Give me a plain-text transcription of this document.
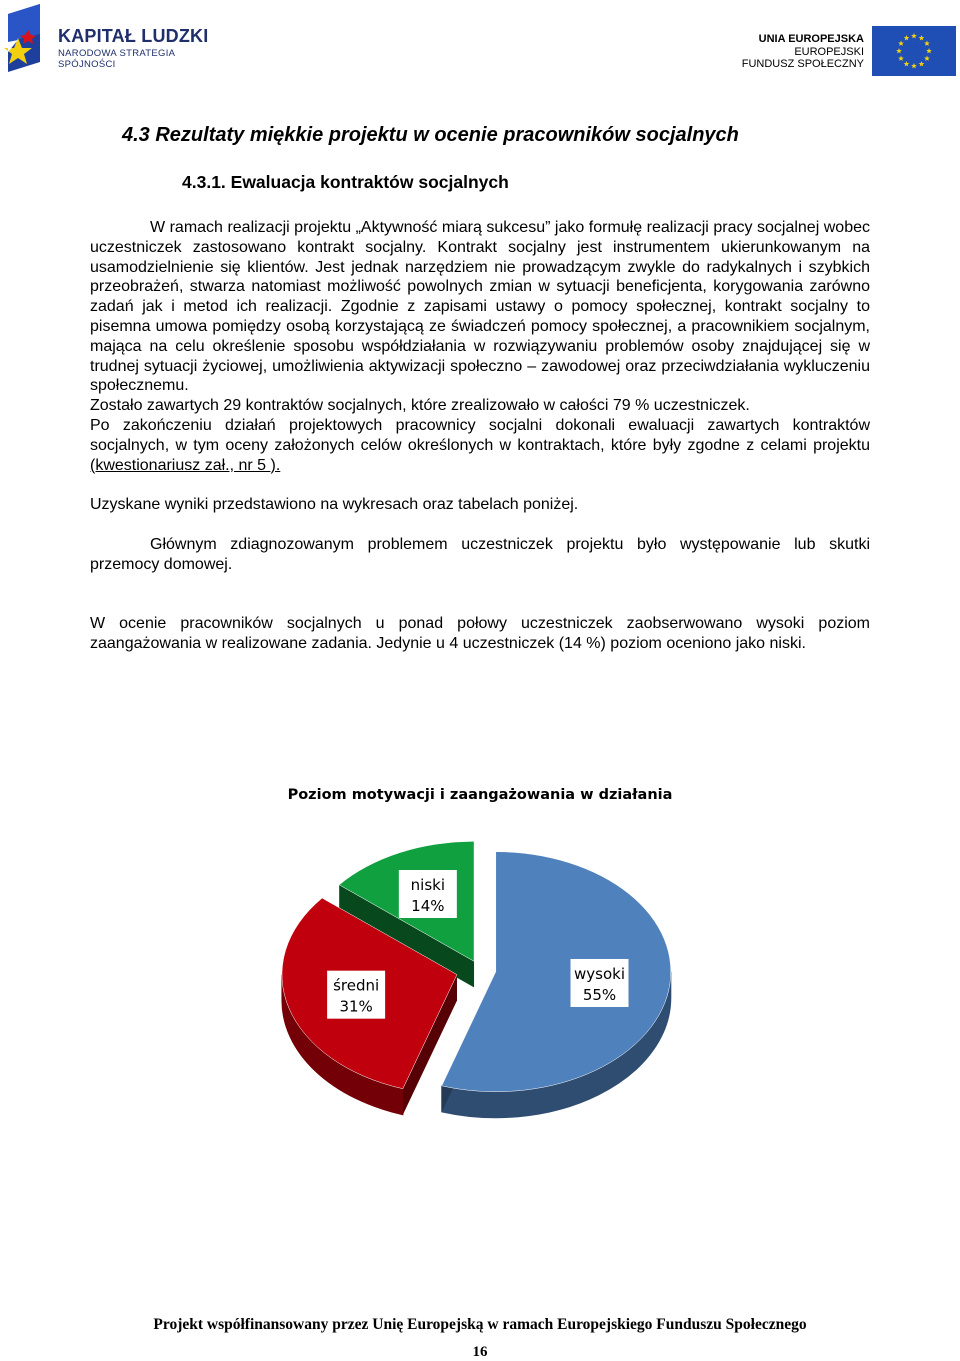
KAPITAŁ LUDZKI
NARODOWA STRATEGIA SPÓJNOŚCI
UNIA EUROPEJSKA
EUROPEJSKI
FUNDUSZ SPOŁECZNY
4.3 Rezultaty miękkie projektu w ocenie pracowników socjalnych
4.3.1. Ewaluacja kontraktów socjalnych
W ramach realizacji projektu „Aktywność miarą sukcesu” jako formułę realizacji pracy socjalnej wobec uczestniczek zastosowano kontrakt socjalny. Kontrakt socjalny jest instrumentem ukierunkowanym na usamodzielnienie się klientów. Jest jednak narzędziem nie prowadzącym zwykle do radykalnych i szybkich przeobrażeń, stwarza natomiast możliwość powolnych zmian w sytuacji beneficjenta, korygowania zarówno zadań jak i metod ich realizacji. Zgodnie z zapisami ustawy o pomocy społecznej, kontrakt socjalny to pisemna umowa pomiędzy osobą korzystającą ze świadczeń pomocy społecznej, a pracownikiem socjalnym, mająca na celu określenie sposobu współdziałania w rozwiązywaniu problemów osoby znajdującej się w trudnej sytuacji życiowej, umożliwienia aktywizacji społeczno – zawodowej oraz przeciwdziałania wykluczeniu społecznemu.
Zostało zawartych 29 kontraktów socjalnych, które zrealizowało w całości 79 % uczestniczek.
Po zakończeniu działań projektowych pracownicy socjalni dokonali ewaluacji zawartych kontraktów socjalnych, w tym oceny założonych celów określonych w kontraktach, które były zgodne z celami projektu (kwestionariusz zał., nr 5 ).
Uzyskane wyniki przedstawiono na wykresach oraz tabelach poniżej.
Głównym zdiagnozowanym problemem uczestniczek projektu było występowanie lub skutki przemocy domowej.
W ocenie pracowników socjalnych u ponad połowy uczestniczek zaobserwowano wysoki poziom zaangażowania w realizowane zadania. Jedynie u 4 uczestniczek (14 %) poziom oceniono jako niski.
Poziom motywacji i zaangażowania w działania
wysoki
55%
średni
31%
niski
14%
Projekt współfinansowany przez Unię Europejską w ramach Europejskiego Funduszu Społecznego
16
